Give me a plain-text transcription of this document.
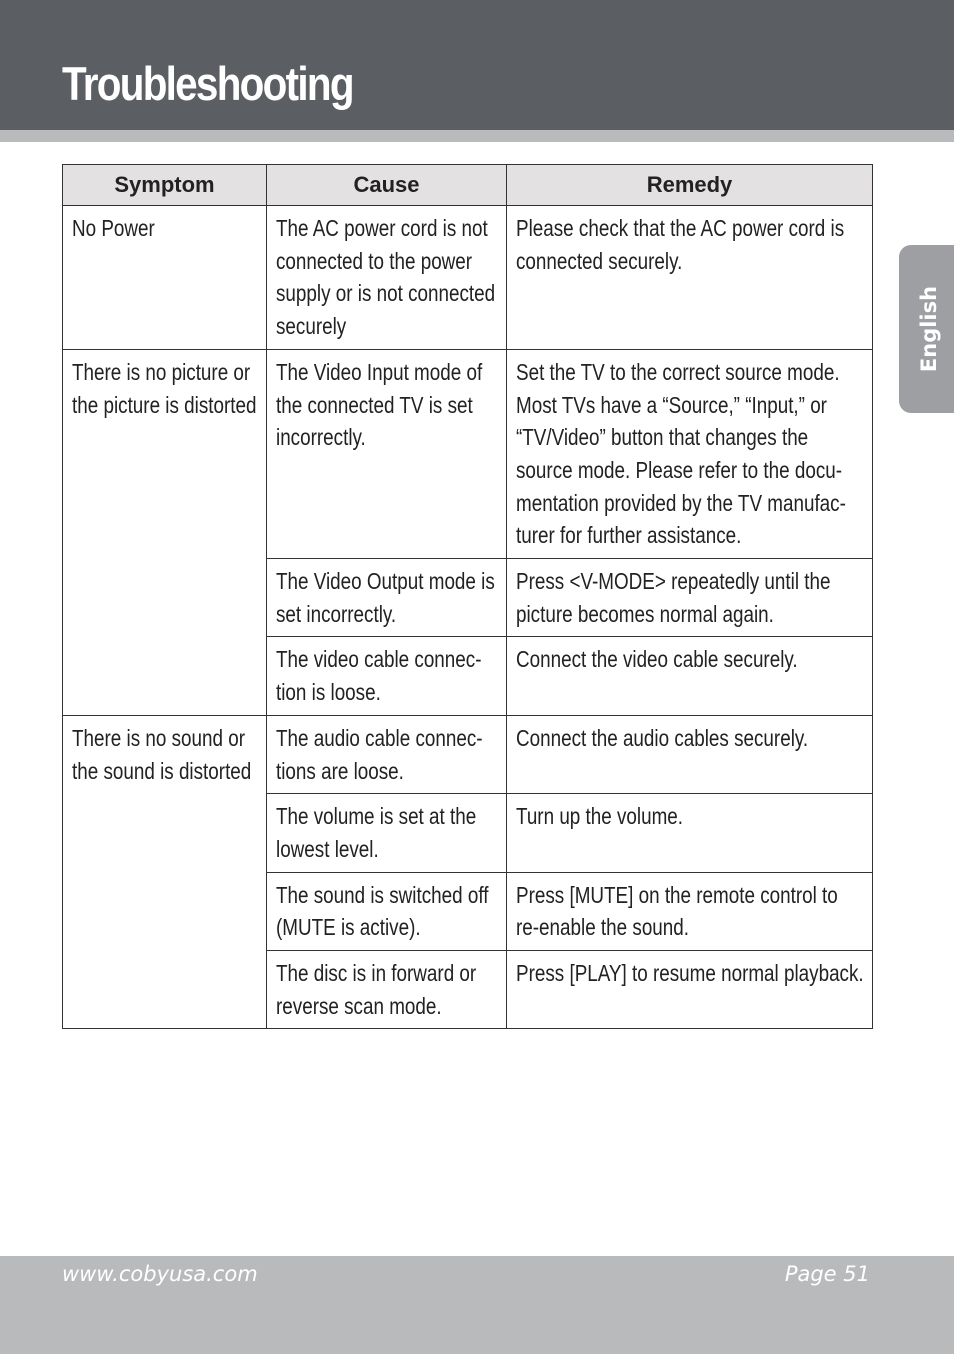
Troubleshooting
English
Symptom	Cause	Remedy

No Power	The AC power cord is not connected to the power supply or is not connected securely	Please check that the AC power cord is connected securely.

There is no picture or the picture is distorted	The Video Input mode of the connected TV is set incorrectly.	Set the TV to the correct source mode. Most TVs have a “Source,” “Input,” or “TV/Video” button that changes the source mode. Please refer to the docu-mentation provided by the TV manufac-turer for further assistance.

	The Video Output mode is set incorrectly.	Press <V-MODE> repeatedly until the picture becomes normal again.

	The video cable connec-tion is loose.	Connect the video cable securely.

There is no sound or the sound is distorted	The audio cable connec-tions are loose.	Connect the audio cables securely.

	The volume is set at the lowest level.	Turn up the volume.

	The sound is switched off (MUTE is active).	Press [MUTE] on the remote control to re-enable the sound.

	The disc is in forward or reverse scan mode.	Press [PLAY] to resume normal playback.
www.cobyusa.com	Page 51
